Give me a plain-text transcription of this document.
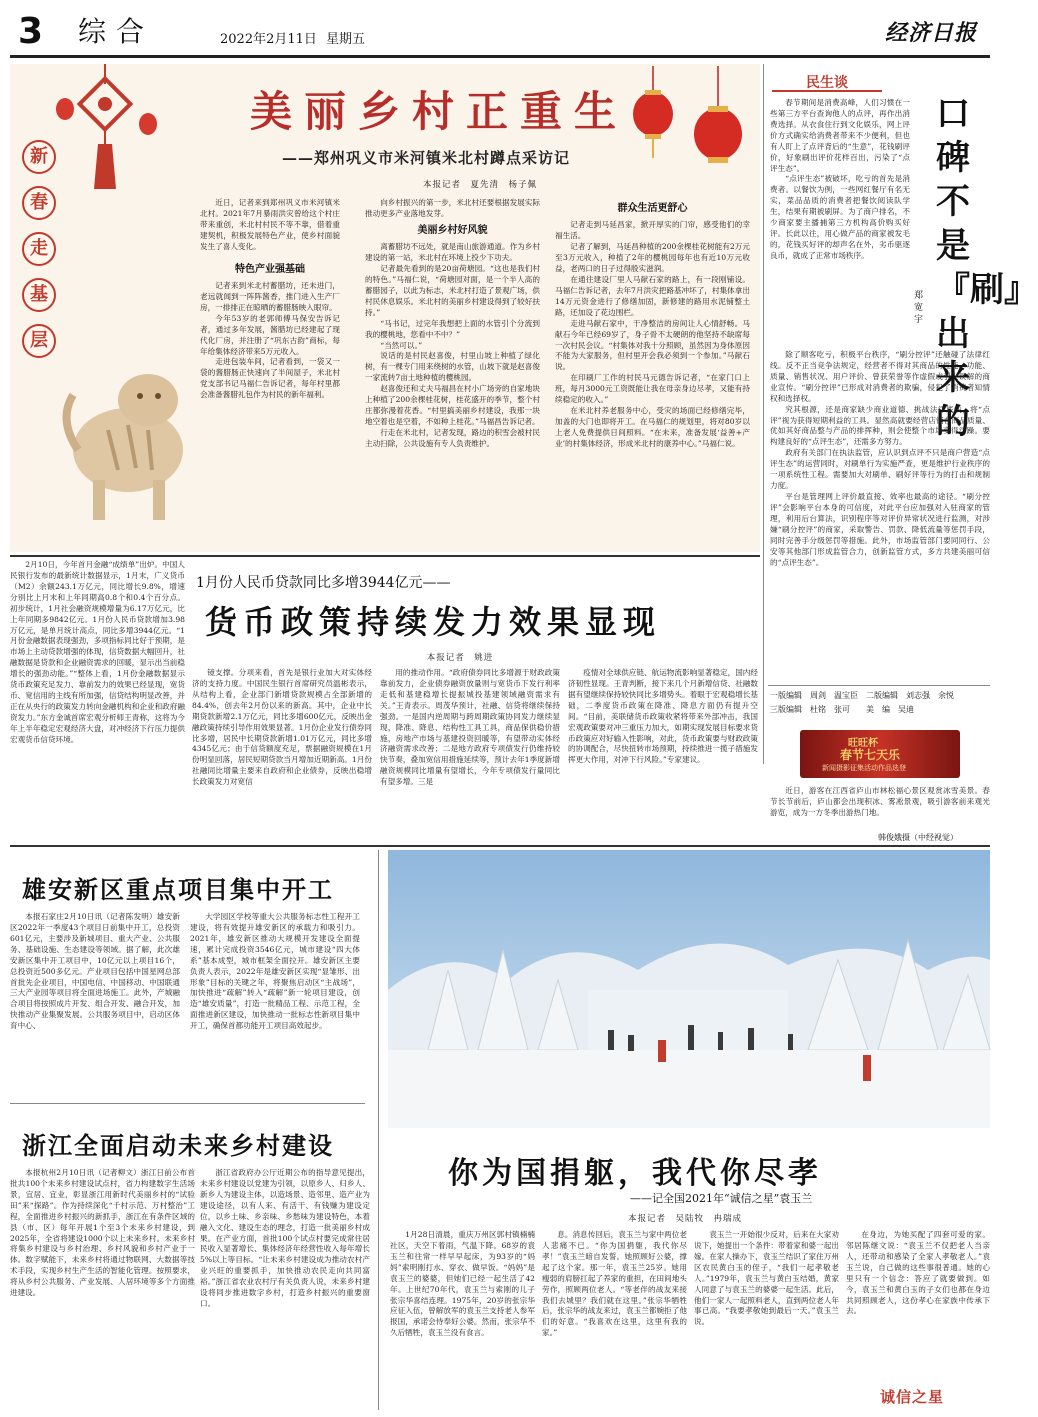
3 综合	2022年2月11日 星期五	经济日报
新
春
走
基
层
美丽乡村正重生
——郑州巩义市米河镇米北村蹲点采访记
本报记者　夏先清　杨子佩

近日，记者来到郑州巩义市米河镇米北村。2021年7月暴雨洪灾曾给这个村庄带来重创，米北村村民不等不靠，借着重建契机，积极发展特色产业，使乡村面貌发生了喜人变化。

特色产业强基础

记者来到米北村蓄腊坊，还未进门，老远就闻到一阵阵酱香，推门进入生产厂房，一排排正在晾晒的蓄腊肠映入眼帘。

今年53岁的老郭师傅马保安告诉记者，通过多年发展，酱腊坊已经建起了现代化厂房，并注册了“巩东古韵”商标，每年给集体经济带来5万元收入。

走进包装车间，记者看到，一袋又一袋的酱腊肠正快速向了半间屋子，米北村党支部书记马福仁告诉记者，每年村里都会准备酱腊礼包作为村民的新年福利。

向乡村振兴的第一步，米北村还要根据发展实际推动更多产业落地发芽。

美丽乡村好风貌

离蓄腊坊不远处，就是南山旅游通道。作为乡村建设的第一站，米北村在环境上投少下功夫。

记者最先看到的是20亩荷塘园。“这也是我们村的特色。”马福仁说，“荷塘园对面，是一个半人高的蓄腊园子，以此为标志，米北村打造了景观广场，供村民休息娱乐。米北村的美丽乡村建设得到了较好扶持。”

“马书记，过完年我想把上面的水管引个分流到我的樱桃地，您看中不中？”

“当然可以。”

说话的是村民赵喜俊，村里山坡上种植了绿化树，有一棵专门用来绕树的水管，山坡下就是赵喜俊一家流转7亩土地种植的樱桃园。

赵喜俊还和丈夫马福昌在村小广场旁的自家地块上种植了200余棵桂花树，桂花盛开的季节，整个村庄都弥漫着花香。“村里搞美丽乡村建设，我那一块地空着也是空着，不如种上桂花。”马福昌告诉记者。

行走在米北村，记者发现，路边的积雪会被村民主动扫除，公共设施有专人负责维护。

群众生活更舒心

记者走到马延昌家，掀开厚实的门帘，感受他们的幸福生活。

记者了解到，马延昌种植的200余棵桂花树能有2万元至3万元收入，种植了2年的樱桃园每年也有近10万元收益，老两口的日子过得殷实滋润。

在通往建设厂里人马献石家的路上，有一段刚铺设。马福仁告诉记者，去年7月洪灾把路基冲坏了，村集体拿出14万元资金进行了修缮加固，新修建的路用水泥铺整土路，还加设了花边围栏。

走进马献石家中，干净整洁的房间让人心情舒畅。马献石今年已经69岁了，身子骨不太硬朗的他坚持不缺席每一次村民会议。“村集体对我十分照顾，虽然因为身体原因不能为大家服务，但村里开会我必须到一个参加。”马献石说。

在印刷厂工作的村民马元德告诉记者，“在家门口上班，每月3000元工资既能让我在母亲身边尽孝，又能有持续稳定的收入。”

在米北村养老服务中心，受灾的场面已经修缮完毕，加盖的大门也即将开工。在马福仁的规划里，将对80岁以上老人免费提供日间照料。“在未来，准备发展‘益善+产业’的村集体经济，形成米北村的康养中心。”马福仁说。

民生谈

春节期间是消费高峰，人们习惯在一些第三方平台查询他人的点评，再作出消费选择。从衣食住行到文化娱乐，网上评价方式确实给消费者带来不少便利，但也有人盯上了点评背后的“生意”，花钱刷评价，好象刷出评价花样百出，污染了“点评生态”。

“点评生态”被破坏，吃亏的首先是消费者。以餐饮为例，一些网红餐厅有名无实，菜品品质的消费者把餐饮阅读队学生，结果有期被刷屏。为了商户排名，不少商家要主播捕第三方机构高价购买好评。长此以往，用心做产品的商家被发毛的，花钱买好评的却声名在外，劣币驱逐良币，就成了正常市场秩序。

口碑不是『刷』出来的
郑宽宇

除了顺客吃亏，积极平台秩序，“刷分控评”还触碰了法律红线。反不正当竞争法规定，经营者不得对其商品的性能、功能、质量、销售状况、用户评价、曾获荣誉等作虚假或引人误解的商业宣传。“刷分控评”已形成对消费者的欺骗，侵犯了消费者知情权和选择权。

究其根源，还是商家缺少商业道德、挑战法律底线，将“点评”视为获得短期利益的工具。显然高就要经营店铺在商品质量、优如其好商品整与产品的排挥种，则会使整个市场变得浮躁。要构建良好的“点评生态”，还需多方努力。

政府有关部门在执法监管，应认识到点评不只是商户营造“点评生态”的运营同时，对刷单行为实施严查，更是维护行业秩序的一项系统性工程。需要加大对刷单、刷好评等行为的打击和规制力度。

平台是管理网上评价最直接、效率也最高的途径。“刷分控评”会影响平台本身的可信度，对此平台应加强对入驻商家的管理，利用后台算法，识别程序等对评价异常状况进行监测，对涉嫌“刷分控评”的商家，采取警告、罚款、降低流量等惩罚手段，同时完善手分级惩罚等措施。此外，市场监管部门要同同行、公安等其他部门形成监管合力，创新监管方式，多方共建美丽可信的“点评生态”。

一版编辑　周剑　温宝臣　二版编辑　刘志强　余悦
三版编辑　杜铭　张可　　美　编　吴迪
旺旺杯
春节七天乐
新闻摄影征集活动作品选登

近日，游客在江西省庐山市林松福心景区观赏冰雪美景。春节长节前后，庐山都会出现积冰、雾凇景观，吸引游客前来观光游览，成为一方冬季出游热门地。

韩俊娥摄（中经视觉）
1月份人民币贷款同比多增3944亿元——
货币政策持续发力效果显现
本报记者　姚进

2月10日，今年首月金融“成绩单”出炉。中国人民银行发布的最新统计数据显示，1月末，广义货币（M2）余额243.1万亿元，同比增长9.8%，增速分别比上月末和上年同期高0.8个和0.4个百分点。初步统计，1月社会融资规模增量为6.17万亿元，比上年同期多9842亿元。1月份人民币贷款增加3.98万亿元，是单月统计高点，同比多增3944亿元。“1月份金融数据表现强劲，多项指标同比好于预期，是市场上主动贷款增强的体现，信贷数据大幅回升，社融数据是贷款和企业融资需求的回暖，显示出当前稳增长的强劲动能。”“整体上看，1月份金融数据显示货币政策充足发力、靠前发力的效果已经显现，宽货币、宽信用的主线有所加强，信贷结构明显改善，并正在从央行的政策发力转向金融机构和企业和政府融资发力。”东方金诚首席宏观分析师王青称，这将为今年上半年稳定宏观经济大盘，对冲经济下行压力提供宏观货币信贷环境。

镜支撑。分项来看，首先是银行业加大对实体经济的支持力度。中国民生银行首席研究员温彬表示，从结构上看，企业部门新增贷款规模占全部新增的84.4%，创去年2月份以来的新高。其中，企业中长期贷款新增2.1万亿元，同比多增600亿元，反映出金融政策持续引导作用效果显著。1月份企业发行债券同比多增，居民中长期贷款新增1.01万亿元，同比多增4345亿元；由于信贷额度充足，票据融资规模在1月份明显回落，居民短期贷款当月增加近期新高。1月份社融同比增量主要来自政府和企业债券，反映出稳增长政策发力对宽信

用的推动作用。“政府债券同比多增源于财政政策靠前发力，企业债券融资放量则与宽货币下发行利率走低和基建稳增长提振城投基建领域融资需求有关。”王青表示。周茂华预计，社融、信贷将继续保持强劲。一是国内逆周期与跨周期政策协同发力继续显现，降准、降息、结构性工具工具，商品保供稳价措施，房地产市场与基建投资回暖等，有望带动实体经济融资需求改善；二是地方政府专项债发行仍维持较快节奏，叠加宽信用措施延续等，预计去年1季度新增融资规模同比增量有望增长，今年专项债发行量同比有望多增。三是

疫情对全球供应链、航运物流影响显著稳定，国内经济韧性显现。王青判断，接下来几个月新增信贷、社融数据有望继续保持较快同比多增势头。着眼于宏观稳增长基础，二季度货币政策在降准、降息方面仍有提升空间。“目前，美联储货币政策收紧将带来外部冲击，我国宏观政策要对冲三重压力加大，如期实现发展目标要求货币政策应对好输入性影响，对此，货币政策要与财政政策的协调配合，尽快扭转市场预期，持续推进一揽子措施发挥更大作用，对冲下行风险。”专家建议。

雄安新区重点项目集中开工

本报石家庄2月10日讯（记者陈发明）雄安新区2022年一季度43个项目日前集中开工，总投资601亿元，主要涉及新城项目、重大产业、公共服务、基础设施、生态建设等领域。据了解，此次雄安新区集中开工项目中，10亿元以上项目16个，总投资近500多亿元。产业项目包括中国星网总部首批先企业项目，中国电信、中国移动、中国联通三大产业园等项目将全面进场施工。此外，产城融合项目将按照成片开发、组合开发、融合开发，加快推动产业集聚发展。公共服务项目中，启动区体育中心、

大学园区学校等重大公共服务标志性工程开工建设，将有效提升雄安新区的承载力和吸引力。2021年，雄安新区推动大规模开发建设全面提速，累计完成投资3546亿元，城市建设“四大体系”基本成型，城市框架全面拉开。雄安新区主要负责人表示，2022年是雄安新区实现“显雏形、出形象”目标的关键之年，将聚焦启动区“主战场”，加快推进“疏解”转入“疏解”新一轮项目建设，创造“雄安质量”，打造一批精品工程、示范工程，全面推进新区建设，加快推动一批标志性新项目集中开工，确保首都功能开工项目高效起步。

浙江全面启动未来乡村建设

本报杭州2月10日讯（记者柳文）浙江日前公布首批共100个未来乡村建设试点村，省力构建数字生活场景，宜居、宜业，彰显浙江用新时代美丽乡村的“试验田”来“探路”。作为持续深化“千村示范、万村整治”工程，全面推进乡村振兴的新抓手，浙江在有条件区域的县（市、区）每年开展1个至3个未来乡村建设，到2025年，全省将建设1000个以上未来乡村。未来乡村将集乡村建设与乡村治理、乡村风貌和乡村产业于一体。数字赋能下，未来乡村将通过物联网、大数据等技术手段，实现乡村生产生活的智能化管理。按照要求，将从乡村公共服务、产业发展、人居环境等多个方面推进建设。

浙江省政府办公厅近期公布的指导意见提出，未来乡村建设以党建为引领，以原乡人、归乡人、新乡人为建设主体，以造场景、造邻里、造产业为建设途径，以有人来、有活干、有钱赚为建设定位，以乡土味、乡亲味、乡愁味为建设特色，本着融入文化、建设生态的理念，打造一批美丽乡村成果。在产业方面，首批100个试点村要完成常住居民收入显著增长、集体经济年经营性收入每年增长5%以上等目标。“让未来乡村建设成为推动农村产业兴旺的重要抓手，加快推动农民走向共同富裕。”浙江省农业农村厅有关负责人说，未来乡村建设将同步推进数字乡村，打造乡村振兴的重要窗口。

你为国捐躯，我代你尽孝
——记全国2021年“诚信之星”袁玉兰
本报记者　吴陆牧　冉瑞成

1月28日清晨，重庆万州区郭村镇楠楠社区，天空下着雨，气温下降。68岁的袁玉兰和往常一样早早起床，为93岁的“妈妈”索明刚打水、穿衣、做早饭。“妈妈”是袁玉兰的婆婆，但她们已经一起生活了42年。上世纪70年代，袁玉兰与索刚的儿子张宗华喜结连理。1975年，20岁的张宗华应征入伍，曾解放军的袁玉兰支持老人参军报国，承诺会侍奉好公婆。然而，张宗华不久后牺牲，袁玉兰没有食言。

息。消息传回后，袁玉兰与家中两位老人悲痛不已。“你为国捐躯，我代你尽孝！”袁玉兰暗自发誓。她照顾好公婆，撑起了这个家。那一年，袁玉兰25岁。她用瘦弱的肩膀扛起了养家的重担，在田间地头劳作，照顾两位老人。“等老伴的战友来接我们去城里？我们就在这里。”张宗华牺牲后，张宗华的战友来过，袁玉兰都婉拒了他们的好意。“我喜欢在这里，这里有我的家。”

袁玉兰一开始很少反对，后来在大家劝说下，她提出一个条件：带着家和婆一起出嫁。在家人操办下，袁玉兰结识了家住万州区农民黄白玉的侄子，“我们一起孝敬老人。”1979年，袁玉兰与黄白玉结婚，黄家人同意了与袁玉兰的婆婆一起生活。此后，他们一家人一起照料老人，直到两位老人年事已高。“我要孝敬她到最后一天。”袁玉兰说。

在身边，为她买配了四套可爱的家。邻居陈继文说：“袁玉兰不仅把老人当亲人，还带动和感染了全家人孝敬老人。”袁玉兰说，自己做的这些事很普通。她的心里只有一个信念：答应了就要做到。如今，袁玉兰和黄白玉的子女们也都在身边共同照顾老人，这份孝心在家族中传承下去。

诚信之星
